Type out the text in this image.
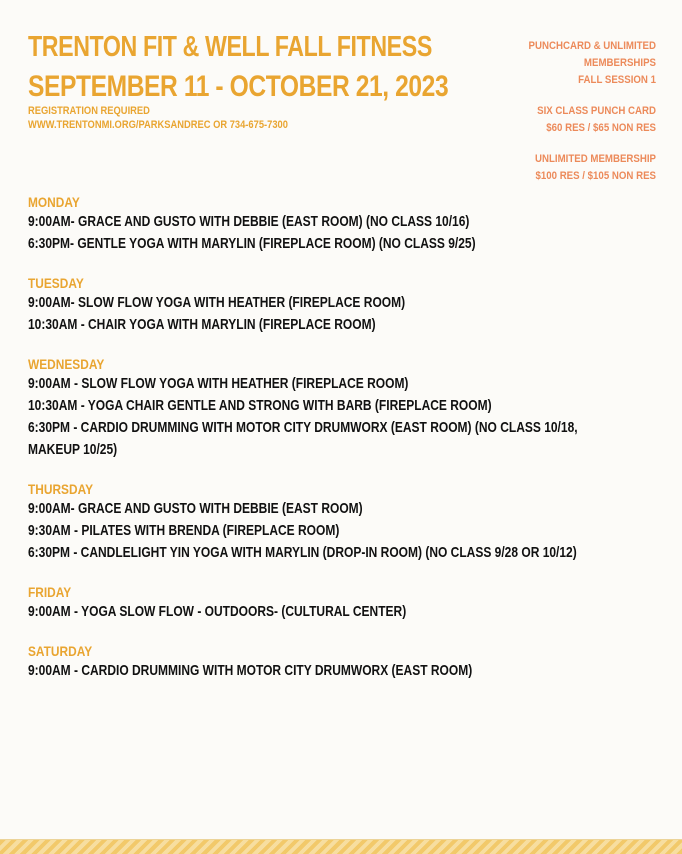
TRENTON FIT & WELL FALL FITNESS
SEPTEMBER 11 - OCTOBER 21, 2023
REGISTRATION REQUIRED
WWW.TRENTONMI.ORG/PARKSANDREC OR 734-675-7300
PUNCHCARD & UNLIMITED
MEMBERSHIPS
FALL SESSION 1
SIX CLASS PUNCH CARD
$60 RES / $65 NON RES
UNLIMITED MEMBERSHIP
$100 RES / $105 NON RES
MONDAY
9:00AM- GRACE AND GUSTO WITH DEBBIE (EAST ROOM) (NO CLASS 10/16)
6:30PM- GENTLE YOGA WITH MARYLIN (FIREPLACE ROOM) (NO CLASS 9/25)
TUESDAY
9:00AM- SLOW FLOW YOGA WITH HEATHER (FIREPLACE ROOM)
10:30AM - CHAIR YOGA WITH MARYLIN (FIREPLACE ROOM)
WEDNESDAY
9:00AM - SLOW FLOW YOGA WITH HEATHER (FIREPLACE ROOM)
10:30AM - YOGA CHAIR GENTLE AND STRONG WITH BARB (FIREPLACE ROOM)
6:30PM - CARDIO DRUMMING WITH MOTOR CITY DRUMWORX (EAST ROOM) (NO CLASS 10/18, MAKEUP 10/25)
THURSDAY
9:00AM- GRACE AND GUSTO WITH DEBBIE (EAST ROOM)
9:30AM - PILATES WITH BRENDA (FIREPLACE ROOM)
6:30PM - CANDLELIGHT YIN YOGA WITH MARYLIN (DROP-IN ROOM) (NO CLASS 9/28 OR 10/12)
FRIDAY
9:00AM - YOGA SLOW FLOW - OUTDOORS- (CULTURAL CENTER)
SATURDAY
9:00AM - CARDIO DRUMMING WITH MOTOR CITY DRUMWORX (EAST ROOM)
